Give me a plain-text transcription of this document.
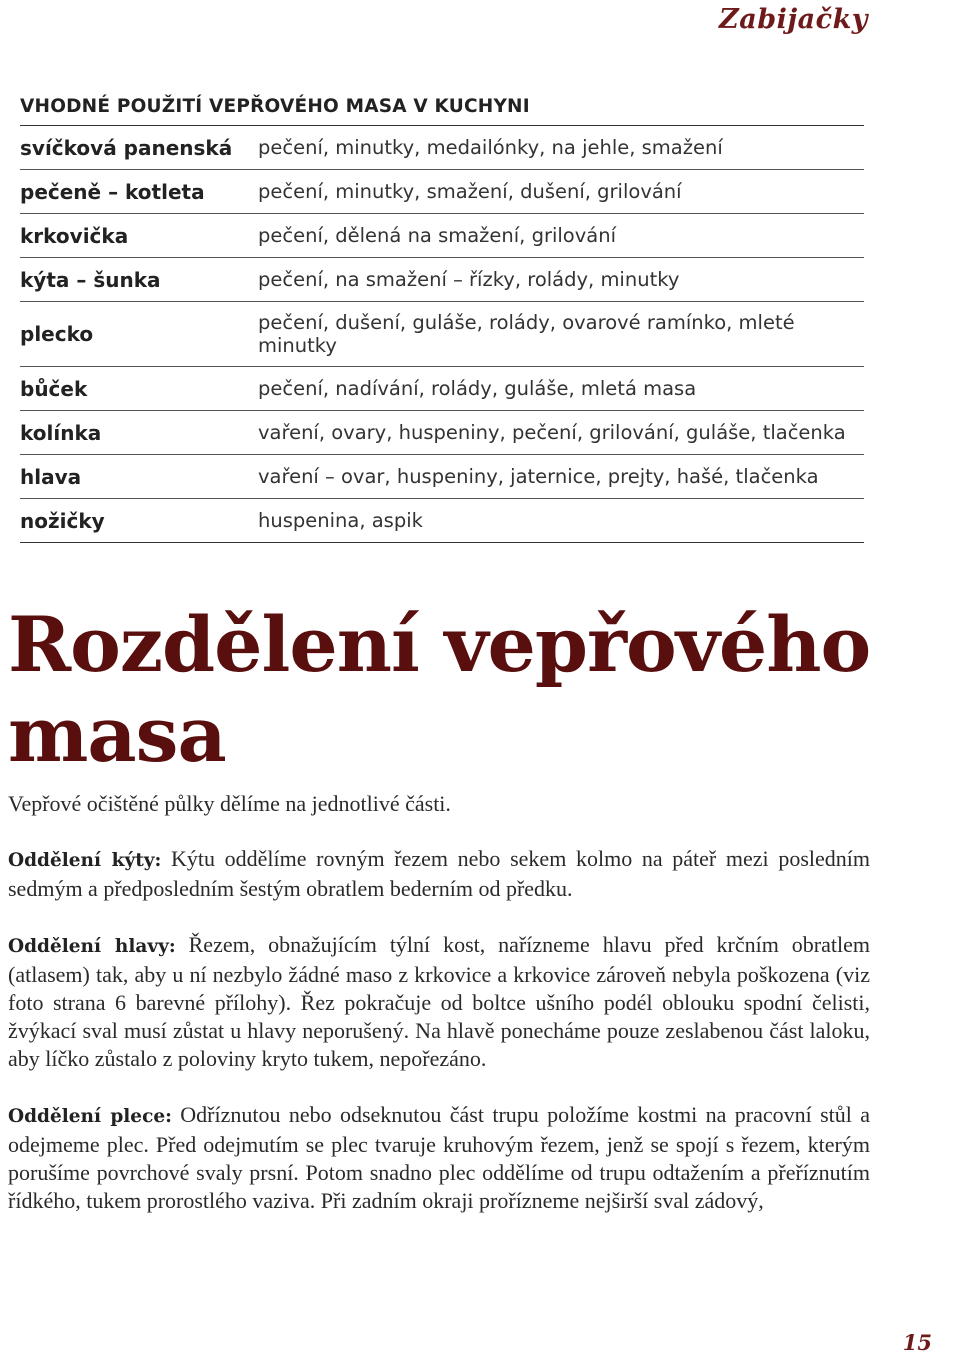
Zabijačky
VHODNÉ POUŽITÍ VEPŘOVÉHO MASA V KUCHYNI
svíčková panenská	pečení, minutky, medailónky, na jehle, smažení
pečeně – kotleta	pečení, minutky, smažení, dušení, grilování
krkovička	pečení, dělená na smažení, grilování
kýta – šunka	pečení, na smažení – řízky, rolády, minutky
plecko	pečení, dušení, guláše, rolády, ovarové ramínko, mleté minutky
bůček	pečení, nadívání, rolády, guláše, mletá masa
kolínka	vaření, ovary, huspeniny, pečení, grilování, guláše, tlačenka
hlava	vaření – ovar, huspeniny, jaternice, prejty, hašé, tlačenka
nožičky	huspenina, aspik
Rozdělení vepřového
masa

Vepřové očištěné půlky dělíme na jednotlivé části.

Oddělení kýty: Kýtu oddělíme rovným řezem nebo sekem kolmo na páteř mezi posledním sedmým a předposledním šestým obratlem bederním od předku.

Oddělení hlavy: Řezem, obnažujícím týlní kost, nařízneme hlavu před krčním obratlem (atlasem) tak, aby u ní nezbylo žádné maso z krkovice a krkovice zároveň nebyla poškozena (viz foto strana 6 barevné přílohy). Řez pokračuje od boltce ušního podél oblouku spodní čelisti, žvýkací sval musí zůstat u hlavy neporušený. Na hlavě ponecháme pouze zeslabenou část laloku, aby líčko zůstalo z poloviny kryto tukem, nepořezáno.

Oddělení plece: Odříznutou nebo odseknutou část trupu položíme kostmi na pracovní stůl a odejmeme plec. Před odejmutím se plec tvaruje kruhovým řezem, jenž se spojí s řezem, kterým porušíme povrchové svaly prsní. Potom snadno plec oddělíme od trupu odtažením a přeříznutím řídkého, tukem prorostlého vaziva. Při zadním okraji prořízneme nejširší sval zádový,

15
